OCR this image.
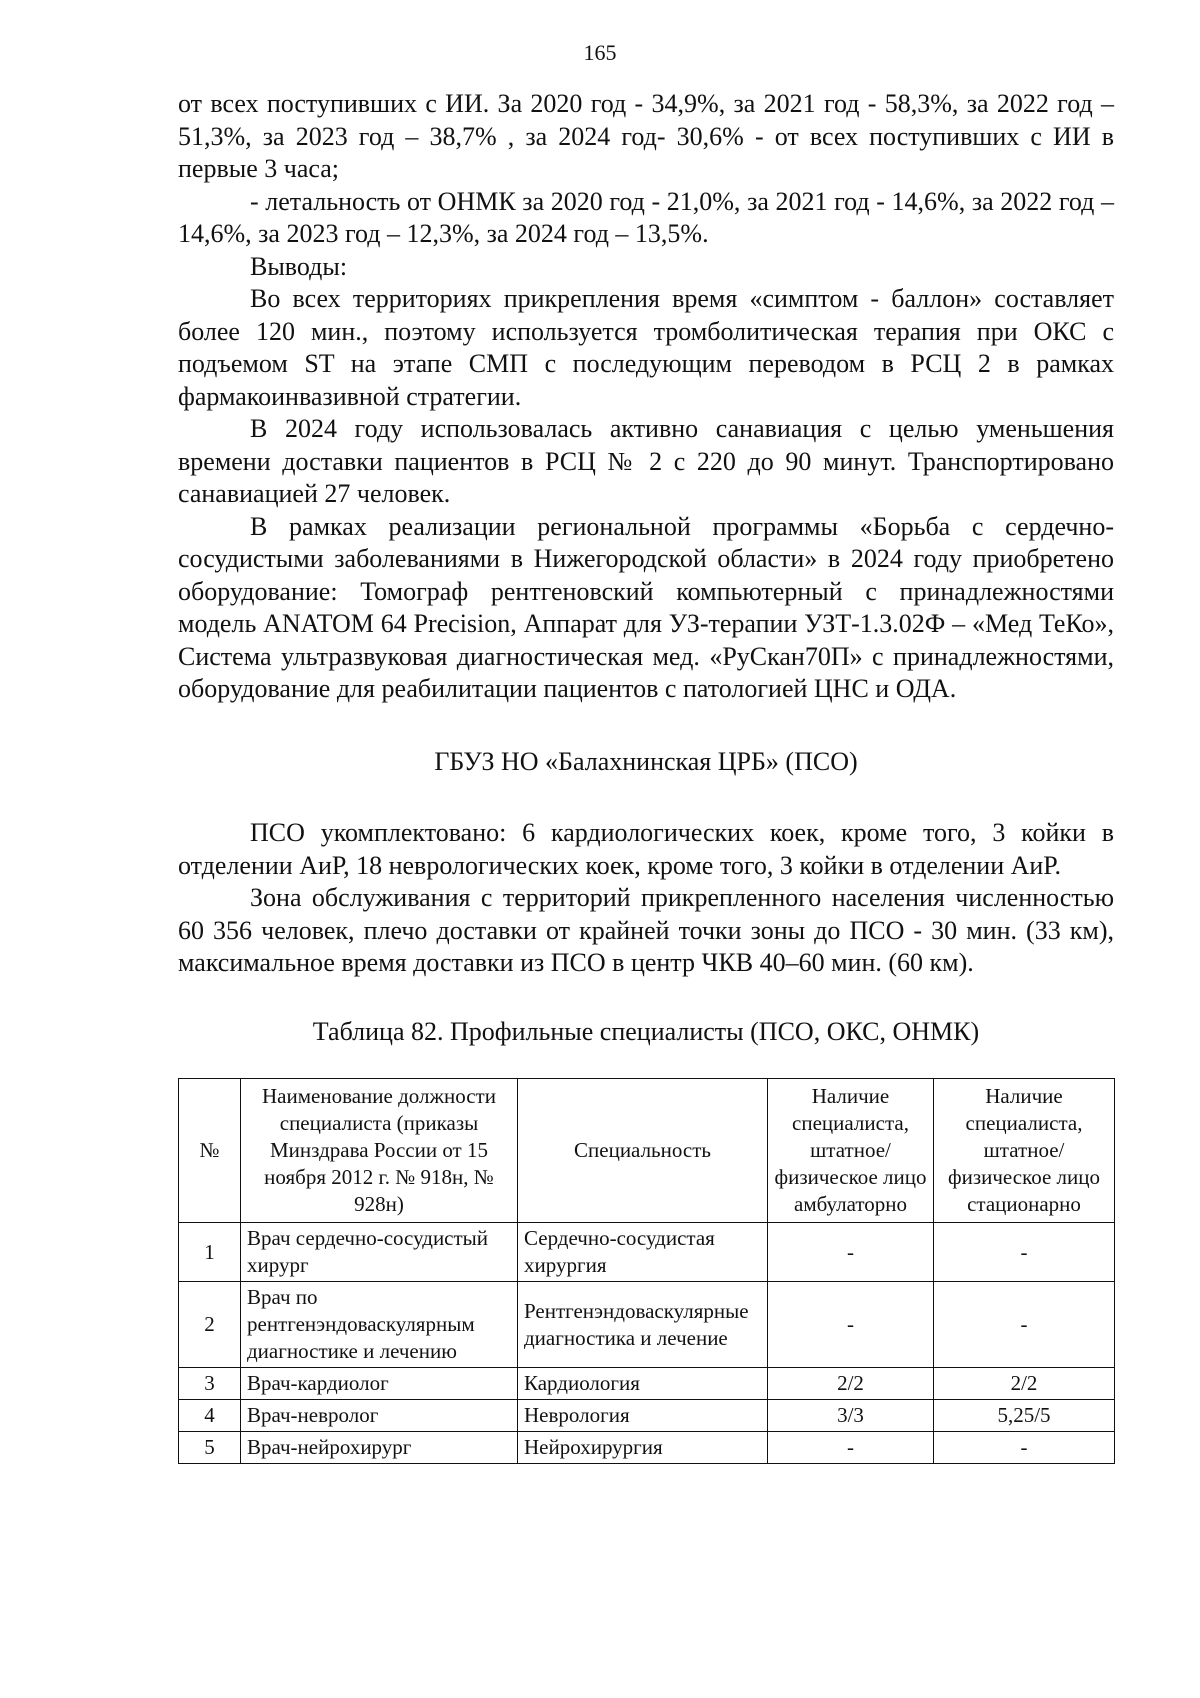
165

от всех поступивших с ИИ. За 2020 год - 34,9%, за 2021 год - 58,3%, за 2022 год – 51,3%, за 2023 год – 38,7% , за 2024 год- 30,6% - от всех поступивших с ИИ в первые 3 часа;

- летальность от ОНМК за 2020 год - 21,0%, за 2021 год - 14,6%, за 2022 год – 14,6%, за 2023 год – 12,3%, за 2024 год – 13,5%.

Выводы:

Во всех территориях прикрепления время «симптом - баллон» составляет более 120 мин., поэтому используется тромболитическая терапия при ОКС с подъемом ST на этапе СМП с последующим переводом в РСЦ 2 в рамках фармакоинвазивной стратегии.

В 2024 году использовалась активно санавиация с целью уменьшения времени доставки пациентов в РСЦ № 2 с 220 до 90 минут. Транспортировано санавиацией 27 человек.

В рамках реализации региональной программы «Борьба с сердечно-сосудистыми заболеваниями в Нижегородской области» в 2024 году приобретено оборудование: Томограф рентгеновский компьютерный с принадлежностями модель ANATOM 64 Precision, Аппарат для УЗ-терапии УЗТ-1.3.02Ф – «Мед ТеКо», Система ультразвуковая диагностическая мед. «РуСкан70П» с принадлежностями, оборудование для реабилитации пациентов с патологией ЦНС и ОДА.

ГБУЗ НО «Балахнинская ЦРБ» (ПСО)

ПСО укомплектовано: 6 кардиологических коек, кроме того, 3 койки в отделении АиР, 18 неврологических коек, кроме того, 3 койки в отделении АиР.

Зона обслуживания с территорий прикрепленного населения численностью 60 356 человек, плечо доставки от крайней точки зоны до ПСО - 30 мин. (33 км), максимальное время доставки из ПСО в центр ЧКВ 40–60 мин. (60 км).

Таблица 82. Профильные специалисты (ПСО, ОКС, ОНМК)
№	Наименование должности специалиста (приказы Минздрава России от 15 ноября 2012 г. № 918н, № 928н)	Специальность	Наличие специалиста, штатное/физическое лицо амбулаторно	Наличие специалиста, штатное/физическое лицо стационарно
1	Врач сердечно-сосудистый хирург	Сердечно-сосудистая хирургия	-	-
2	Врач по рентгенэндоваскулярным диагностике и лечению	Рентгенэндоваскулярные диагностика и лечение	-	-
3	Врач-кардиолог	Кардиология	2/2	2/2
4	Врач-невролог	Неврология	3/3	5,25/5
5	Врач-нейрохирург	Нейрохирургия	-	-
